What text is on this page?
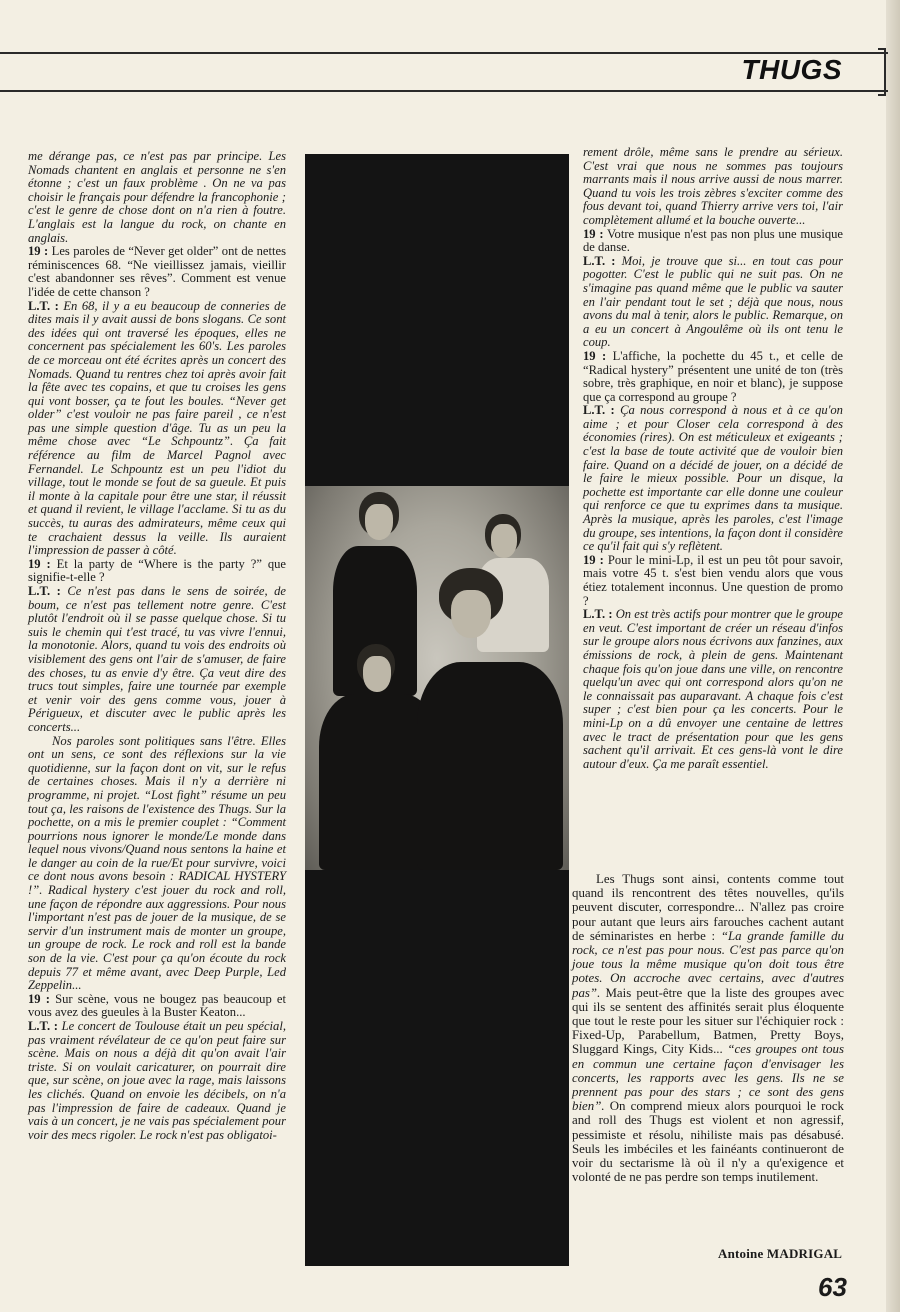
THUGS

me dérange pas, ce n'est pas par principe. Les Nomads chantent en anglais et personne ne s'en étonne ; c'est un faux problème . On ne va pas choisir le français pour défendre la francophonie ; c'est le genre de chose dont on n'a rien à foutre. L'anglais est la langue du rock, on chante en anglais.

19 : Les paroles de “Never get older” ont de nettes réminiscences 68. “Ne vieillissez jamais, vieillir c'est abandonner ses rêves”. Comment est venue l'idée de cette chanson ?

L.T. : En 68, il y a eu beaucoup de conneries de dites mais il y avait aussi de bons slogans. Ce sont des idées qui ont traversé les époques, elles ne concernent pas spécialement les 60's. Les paroles de ce morceau ont été écrites après un concert des Nomads. Quand tu rentres chez toi après avoir fait la fête avec tes copains, et que tu croises les gens qui vont bosser, ça te fout les boules. “Never get older” c'est vouloir ne pas faire pareil , ce n'est pas une simple question d'âge. Tu as un peu la même chose avec “Le Schpountz”. Ça fait référence au film de Marcel Pagnol avec Fernandel. Le Schpountz est un peu l'idiot du village, tout le monde se fout de sa gueule. Et puis il monte à la capitale pour être une star, il réussit et quand il revient, le village l'acclame. Si tu as du succès, tu auras des admirateurs, même ceux qui te crachaient dessus la veille. Ils auraient l'impression de passer à côté.

19 : Et la party de “Where is the party ?” que signifie-t-elle ?

L.T. : Ce n'est pas dans le sens de soirée, de boum, ce n'est pas tellement notre genre. C'est plutôt l'endroit où il se passe quelque chose. Si tu suis le chemin qui t'est tracé, tu vas vivre l'ennui, la monotonie. Alors, quand tu vois des endroits où visiblement des gens ont l'air de s'amuser, de faire des choses, tu as envie d'y être. Ça veut dire des trucs tout simples, faire une tournée par exemple et venir voir des gens comme vous, jouer à Périgueux, et discuter avec le public après les concerts...

Nos paroles sont politiques sans l'être. Elles ont un sens, ce sont des réflexions sur la vie quotidienne, sur la façon dont on vit, sur le refus de certaines choses. Mais il n'y a derrière ni programme, ni projet. “Lost fight” résume un peu tout ça, les raisons de l'existence des Thugs. Sur la pochette, on a mis le premier couplet : “Comment pourrions nous ignorer le monde/Le monde dans lequel nous vivons/Quand nous sentons la haine et le danger au coin de la rue/Et pour survivre, voici ce dont nous avons besoin : RADICAL HYSTERY !”. Radical hystery c'est jouer du rock and roll, une façon de répondre aux aggressions. Pour nous l'important n'est pas de jouer de la musique, de se servir d'un instrument mais de monter un groupe, un groupe de rock. Le rock and roll est la bande son de la vie. C'est pour ça qu'on écoute du rock depuis 77 et même avant, avec Deep Purple, Led Zeppelin...

19 : Sur scène, vous ne bougez pas beaucoup et vous avez des gueules à la Buster Keaton...

L.T. : Le concert de Toulouse était un peu spécial, pas vraiment révélateur de ce qu'on peut faire sur scène. Mais on nous a déjà dit qu'on avait l'air triste. Si on voulait caricaturer, on pourrait dire que, sur scène, on joue avec la rage, mais laissons les clichés. Quand on envoie les décibels, on n'a pas l'impression de faire de cadeaux. Quand je vais à un concert, je ne vais pas spécialement pour voir des mecs rigoler. Le rock n'est pas obligatoi-

rement drôle, même sans le prendre au sérieux. C'est vrai que nous ne sommes pas toujours marrants mais il nous arrive aussi de nous marrer. Quand tu vois les trois zèbres s'exciter comme des fous devant toi, quand Thierry arrive vers toi, l'air complètement allumé et la bouche ouverte...

19 : Votre musique n'est pas non plus une musique de danse.

L.T. : Moi, je trouve que si... en tout cas pour pogotter. C'est le public qui ne suit pas. On ne s'imagine pas quand même que le public va sauter en l'air pendant tout le set ; déjà que nous, nous avons du mal à tenir, alors le public. Remarque, on a eu un concert à Angoulême où ils ont tenu le coup.

19 : L'affiche, la pochette du 45 t., et celle de “Radical hystery” présentent une unité de ton (très sobre, très graphique, en noir et blanc), je suppose que ça correspond au groupe ?

L.T. : Ça nous correspond à nous et à ce qu'on aime ; et pour Closer cela correspond à des économies (rires). On est méticuleux et exigeants ; c'est la base de toute activité que de vouloir bien faire. Quand on a décidé de jouer, on a décidé de le faire le mieux possible. Pour un disque, la pochette est importante car elle donne une couleur qui renforce ce que tu exprimes dans ta musique. Après la musique, après les paroles, c'est l'image du groupe, ses intentions, la façon dont il considère ce qu'il fait qui s'y reflètent.

19 : Pour le mini-Lp, il est un peu tôt pour savoir, mais votre 45 t. s'est bien vendu alors que vous étiez totalement inconnus. Une question de promo ?

L.T. : On est très actifs pour montrer que le groupe en veut. C'est important de créer un réseau d'infos sur le groupe alors nous écrivons aux fanzines, aux émissions de rock, à plein de gens. Maintenant chaque fois qu'on joue dans une ville, on rencontre quelqu'un avec qui ont correspond alors qu'on ne le connaissait pas auparavant. A chaque fois c'est super ; c'est bien pour ça les concerts. Pour le mini-Lp on a dû envoyer une centaine de lettres avec le tract de présentation pour que les gens sachent qu'il arrivait. Et ces gens-là vont le dire autour d'eux. Ça me paraît essentiel.

Les Thugs sont ainsi, contents comme tout quand ils rencontrent des têtes nouvelles, qu'ils peuvent discuter, correspondre... N'allez pas croire pour autant que leurs airs farouches cachent autant de séminaristes en herbe : “La grande famille du rock, ce n'est pas pour nous. C'est pas parce qu'on joue tous la même musique qu'on doit tous être potes. On accroche avec certains, avec d'autres pas”. Mais peut-être que la liste des groupes avec qui ils se sentent des affinités serait plus éloquente que tout le reste pour les situer sur l'échiquier rock : Fixed-Up, Parabellum, Batmen, Pretty Boys, Sluggard Kings, City Kids... “ces groupes ont tous en commun une certaine façon d'envisager les concerts, les rapports avec les gens. Ils ne se prennent pas pour des stars ; ce sont des gens bien”. On comprend mieux alors pourquoi le rock and roll des Thugs est violent et non agressif, pessimiste et résolu, nihiliste mais pas désabusé. Seuls les imbéciles et les fainéants continueront de voir du sectarisme là où il n'y a qu'exigence et volonté de ne pas perdre son temps inutilement.

Antoine MADRIGAL
63
